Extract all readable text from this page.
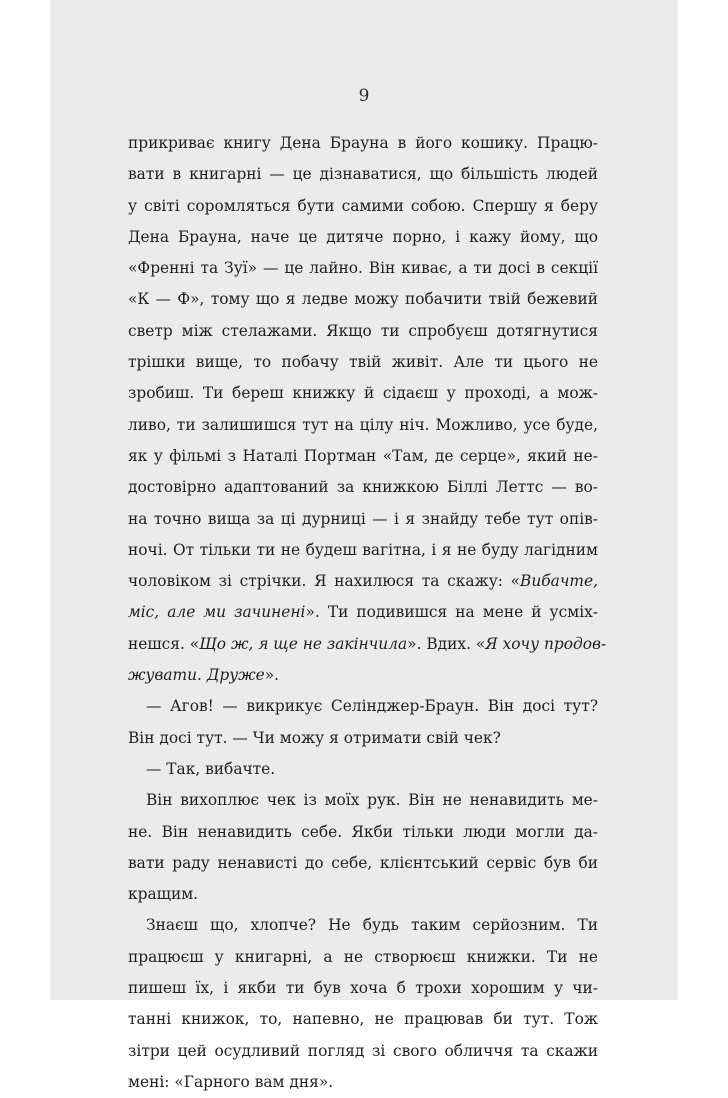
9
прикриває книгу Дена Брауна в його кошику. Працю-
вати в книгарні — це дізнаватися, що більшість людей
у світі соромляться бути самими собою. Спершу я беру
Дена Брауна, наче це дитяче порно, і кажу йому, що
«Френні та Зуї» — це лайно. Він киває, а ти досі в секції
«К — Ф», тому що я ледве можу побачити твій бежевий
светр між стелажами. Якщо ти спробуєш дотягнутися
трішки вище, то побачу твій живіт. Але ти цього не
зробиш. Ти береш книжку й сідаєш у проході, а мож-
ливо, ти залишишся тут на цілу ніч. Можливо, усе буде,
як у фільмі з Наталі Портман «Там, де серце», який не-
достовірно адаптований за книжкою Біллі Леттс — во-
на точно вища за ці дурниці — і я знайду тебе тут опів-
ночі. От тільки ти не будеш вагітна, і я не буду лагідним
чоловіком зі стрічки. Я нахилюся та скажу: «Вибачте,
міс, але ми зачинені». Ти подивишся на мене й усміх-
нешся. «Що ж, я ще не закінчила». Вдих. «Я хочу продов-
жувати. Друже».
— Агов! — викрикує Селінджер-Браун. Він досі тут?
Він досі тут. — Чи можу я отримати свій чек?
— Так, вибачте.
Він вихоплює чек із моїх рук. Він не ненавидить ме-
не. Він ненавидить себе. Якби тільки люди могли да-
вати раду ненависті до себе, клієнтський сервіс був би
кращим.
Знаєш що, хлопче? Не будь таким серйозним. Ти
працюєш у книгарні, а не створюєш книжки. Ти не
пишеш їх, і якби ти був хоча б трохи хорошим у чи-
танні книжок, то, напевно, не працював би тут. Тож
зітри цей осудливий погляд зі свого обличчя та скажи
мені: «Гарного вам дня».
